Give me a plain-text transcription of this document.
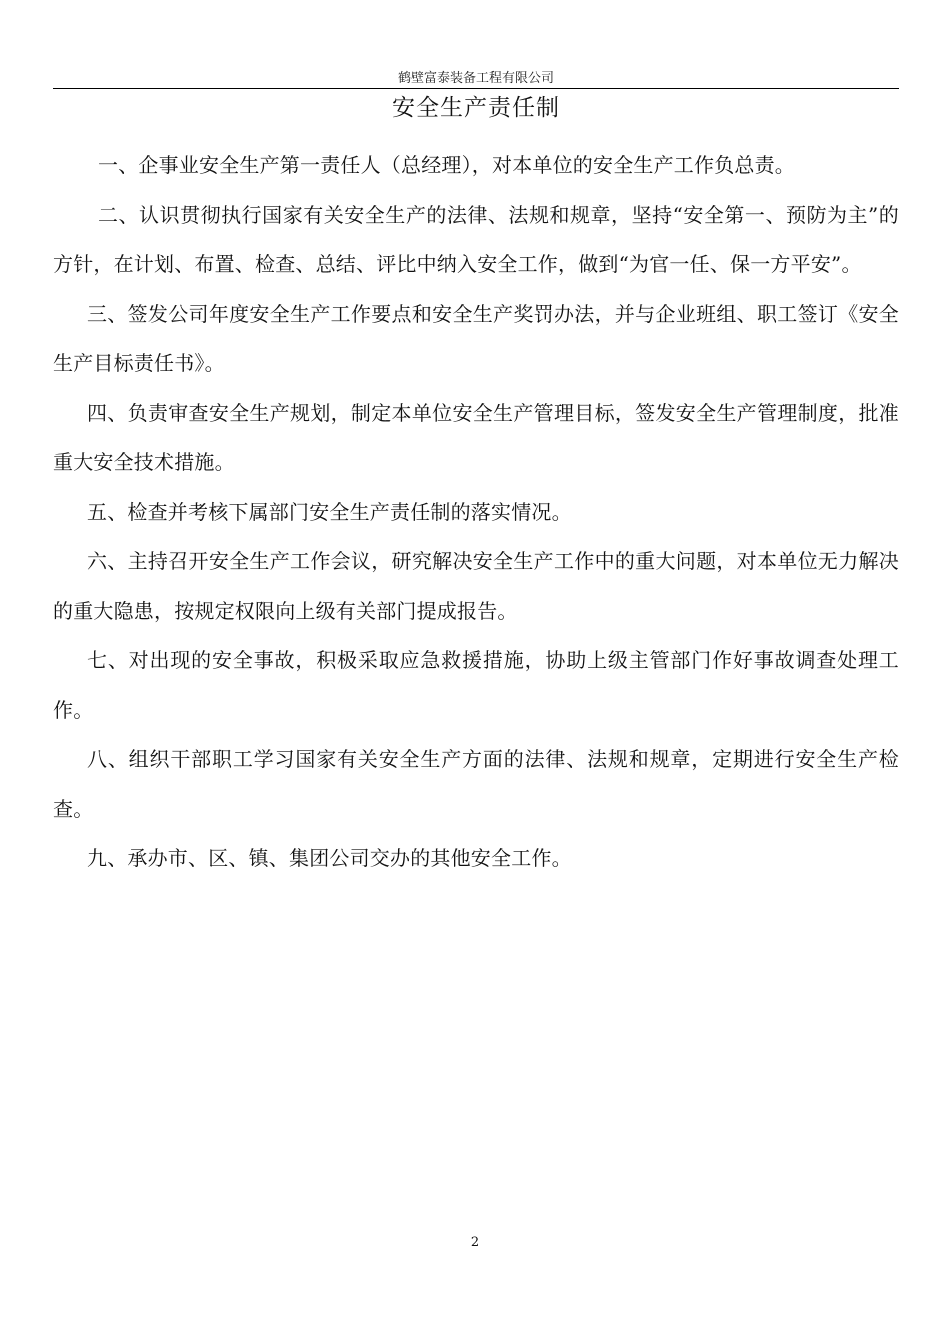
鹤壁富泰装备工程有限公司
安全生产责任制

一、企事业安全生产第一责任人（总经理），对本单位的安全生产工作负总责。

二、认识贯彻执行国家有关安全生产的法律、法规和规章，坚持“安全第一、预防为主”的方针，在计划、布置、检查、总结、评比中纳入安全工作，做到“为官一任、保一方平安”。

三、签发公司年度安全生产工作要点和安全生产奖罚办法，并与企业班组、职工签订《安全生产目标责任书》。

四、负责审查安全生产规划，制定本单位安全生产管理目标，签发安全生产管理制度，批准重大安全技术措施。

五、检查并考核下属部门安全生产责任制的落实情况。

六、主持召开安全生产工作会议，研究解决安全生产工作中的重大问题，对本单位无力解决的重大隐患，按规定权限向上级有关部门提成报告。

七、对出现的安全事故，积极采取应急救援措施，协助上级主管部门作好事故调查处理工作。

八、组织干部职工学习国家有关安全生产方面的法律、法规和规章，定期进行安全生产检查。

九、承办市、区、镇、集团公司交办的其他安全工作。

2
